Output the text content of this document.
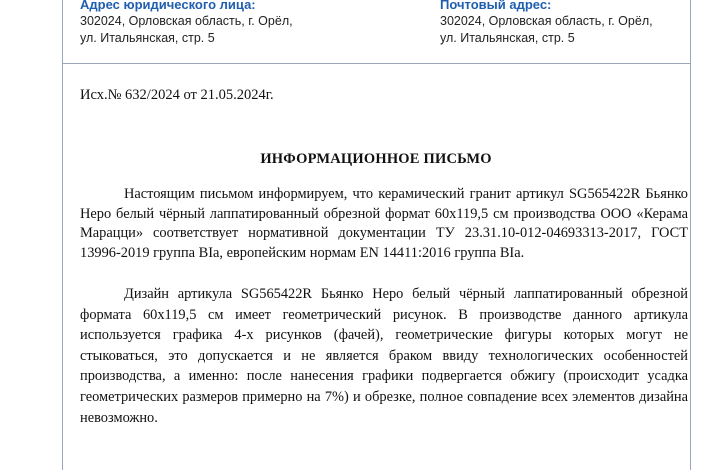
Адрес юридического лица:
302024, Орловская область, г. Орёл,
ул. Итальянская, стр. 5
Почтовый адрес:
302024, Орловская область, г. Орёл,
ул. Итальянская, стр. 5
Исх.№ 632/2024 от 21.05.2024г.
ИНФОРМАЦИОННОЕ ПИСЬМО
Настоящим письмом информируем, что керамический гранит артикул SG565422R Бьянко Неро белый чёрный лаппатированный обрезной формат 60х119,5 см производства ООО «Керама Марацци» соответствует нормативной документации ТУ 23.31.10-012-04693313-2017, ГОСТ 13996-2019 группа BIa, европейским нормам EN 14411:2016 группа BIa.
Дизайн артикула SG565422R Бьянко Неро белый чёрный лаппатированный обрезной формата 60х119,5 см имеет геометрический рисунок. В производстве данного артикула используется графика 4-х рисунков (фачей), геометрические фигуры которых могут не стыковаться, это допускается и не является браком ввиду технологических особенностей производства, а именно: после нанесения графики подвергается обжигу (происходит усадка геометрических размеров примерно на 7%) и обрезке, полное совпадение всех элементов дизайна невозможно.
